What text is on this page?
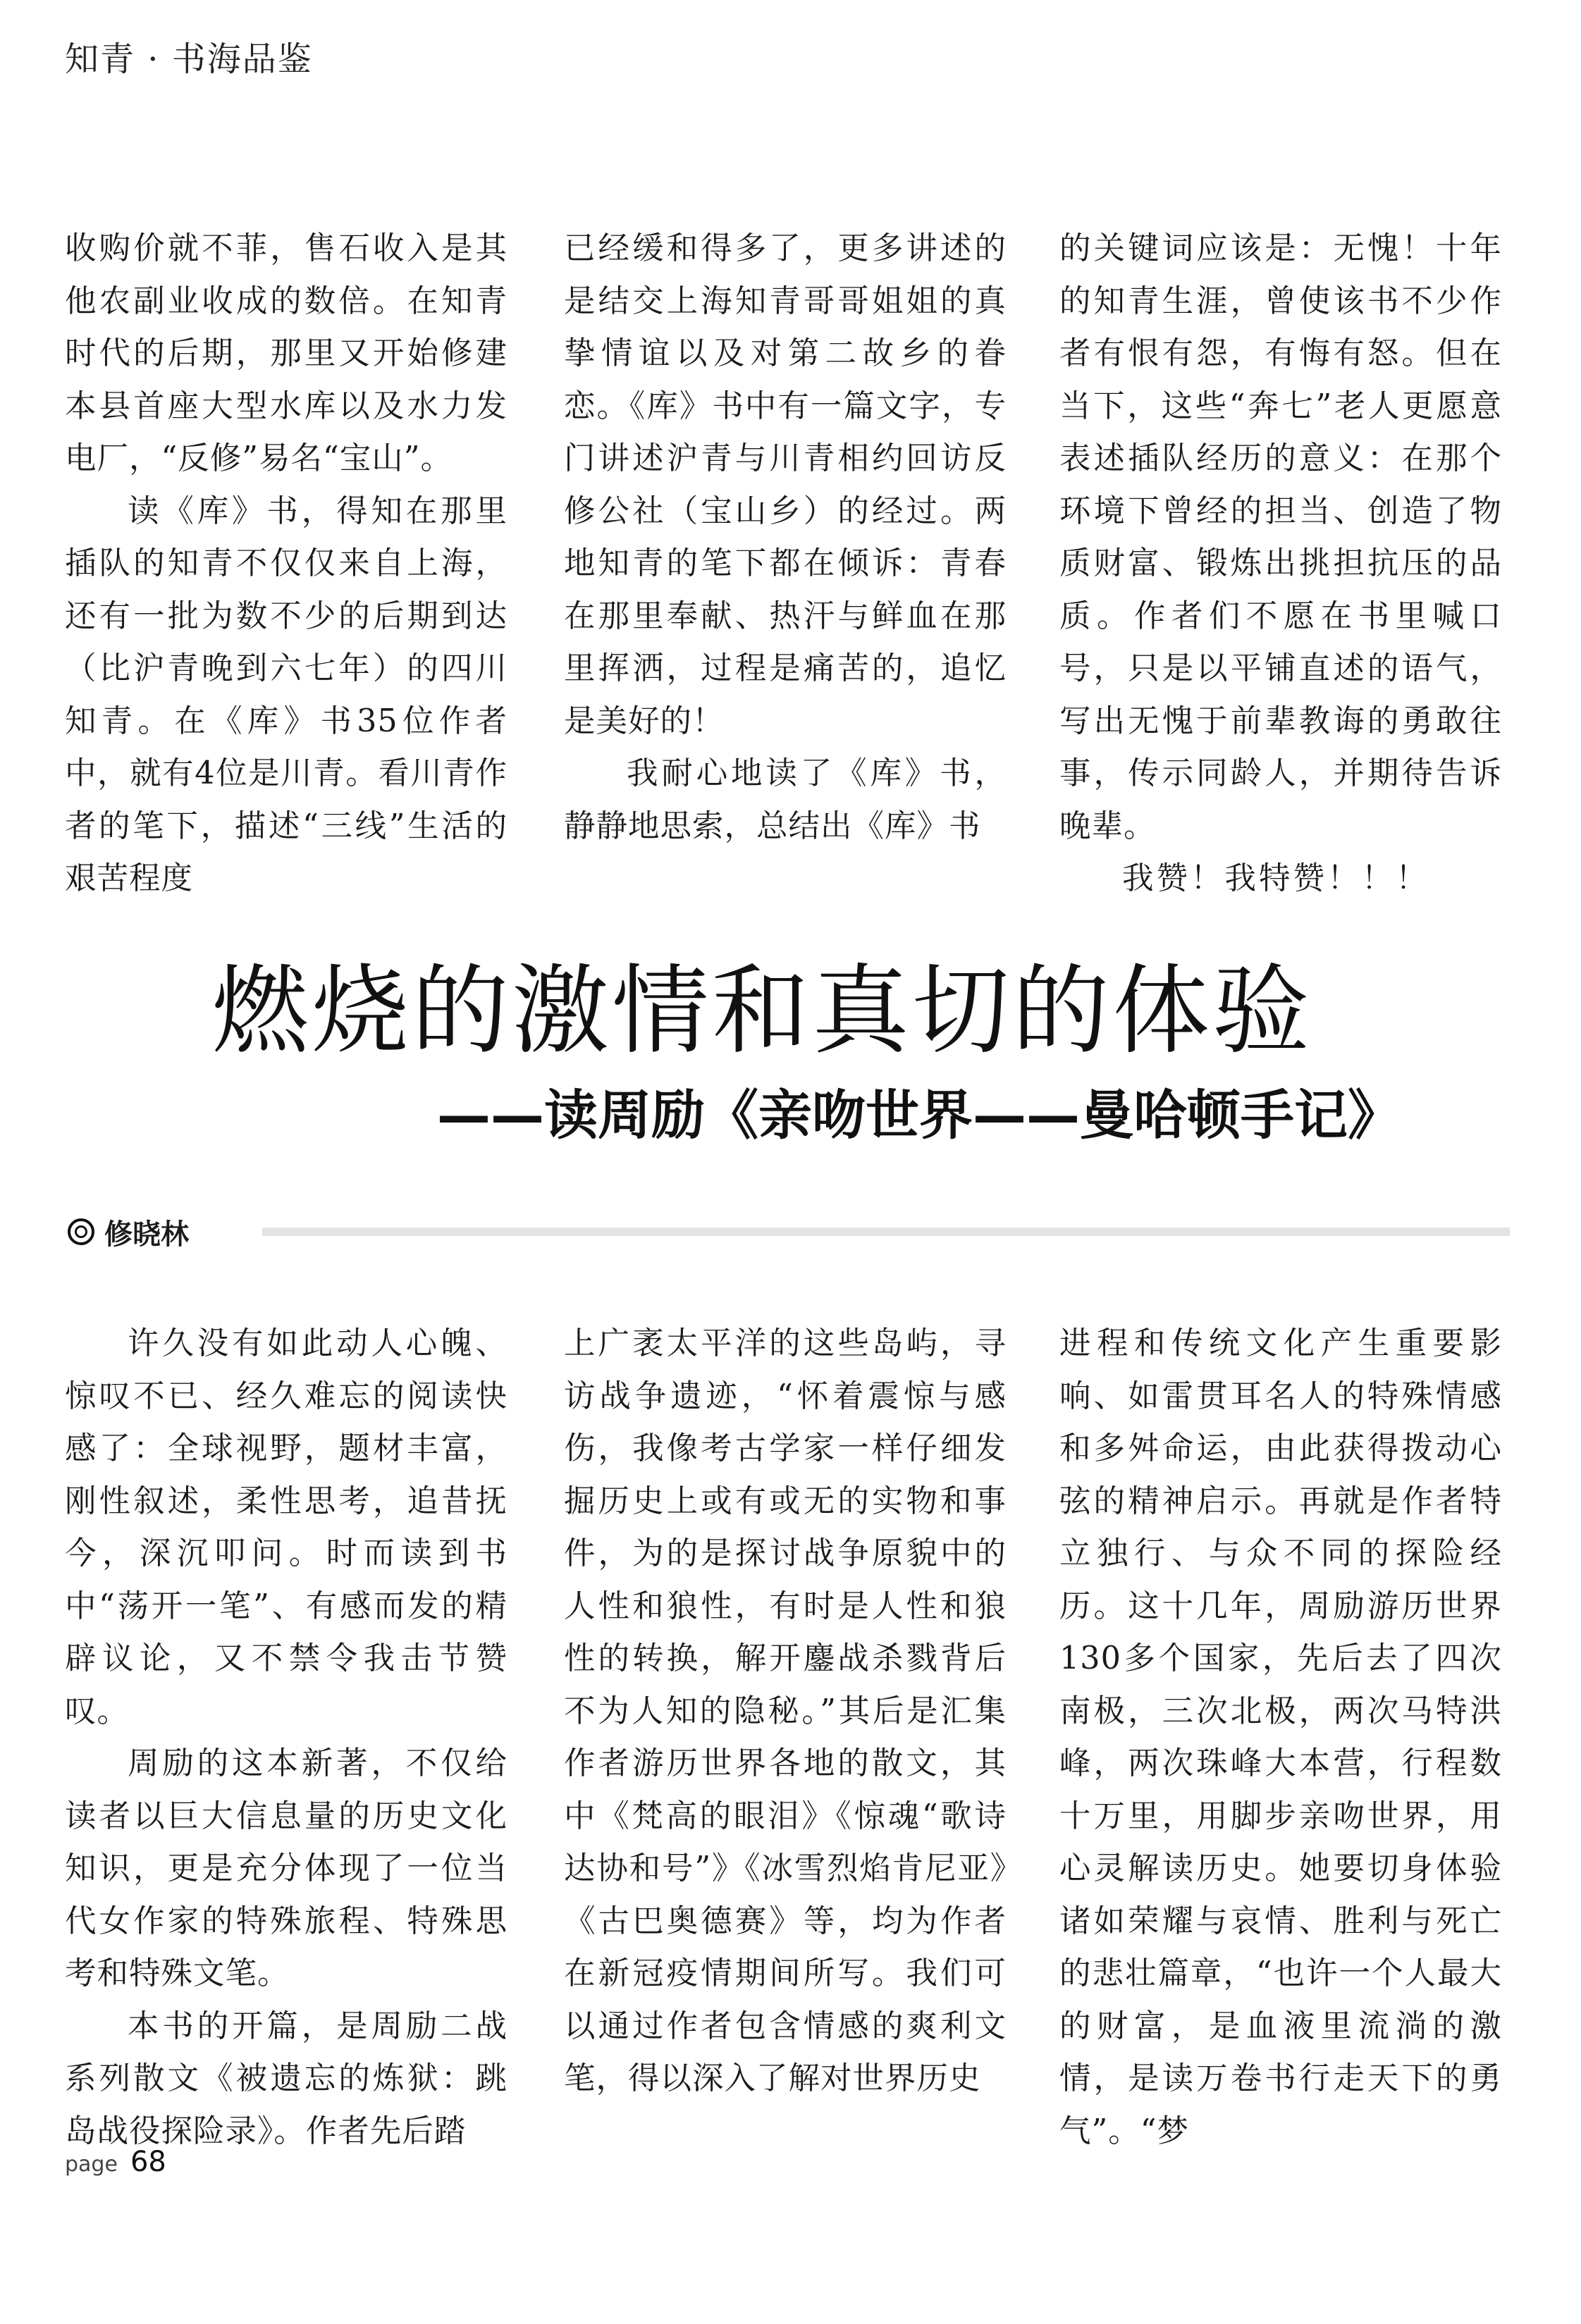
知青 · 书海品鉴

收购价就不菲，售石收入是其他农副业收成的数倍。在知青时代的后期，那里又开始修建本县首座大型水库以及水力发电厂，“反修”易名“宝山”。

读《库》书，得知在那里插队的知青不仅仅来自上海，还有一批为数不少的后期到达（比沪青晚到六七年）的四川知青。在《库》书35位作者中，就有4位是川青。看川青作者的笔下，描述“三线”生活的艰苦程度

已经缓和得多了，更多讲述的是结交上海知青哥哥姐姐的真挚情谊以及对第二故乡的眷恋。《库》书中有一篇文字，专门讲述沪青与川青相约回访反修公社（宝山乡）的经过。两地知青的笔下都在倾诉：青春在那里奉献、热汗与鲜血在那里挥洒，过程是痛苦的，追忆是美好的！

我耐心地读了《库》书，静静地思索，总结出《库》书

的关键词应该是：无愧！十年的知青生涯，曾使该书不少作者有恨有怨，有悔有怒。但在当下，这些“奔七”老人更愿意表述插队经历的意义：在那个环境下曾经的担当、创造了物质财富、锻炼出挑担抗压的品质。作者们不愿在书里喊口号，只是以平铺直述的语气，写出无愧于前辈教诲的勇敢往事，传示同龄人，并期待告诉晚辈。

我赞！我特赞！！！

燃烧的激情和真切的体验
——读周励《亲吻世界——曼哈顿手记》
修晓林

许久没有如此动人心魄、惊叹不已、经久难忘的阅读快感了：全球视野，题材丰富，刚性叙述，柔性思考，追昔抚今，深沉叩问。时而读到书中“荡开一笔”、有感而发的精辟议论，又不禁令我击节赞叹。

周励的这本新著，不仅给读者以巨大信息量的历史文化知识，更是充分体现了一位当代女作家的特殊旅程、特殊思考和特殊文笔。

本书的开篇，是周励二战系列散文《被遗忘的炼狱：跳岛战役探险录》。作者先后踏

上广袤太平洋的这些岛屿，寻访战争遗迹，“怀着震惊与感伤，我像考古学家一样仔细发掘历史上或有或无的实物和事件，为的是探讨战争原貌中的人性和狼性，有时是人性和狼性的转换，解开鏖战杀戮背后不为人知的隐秘。”其后是汇集作者游历世界各地的散文，其中《梵高的眼泪》《惊魂“歌诗达协和号”》《冰雪烈焰肯尼亚》《古巴奥德赛》等，均为作者在新冠疫情期间所写。我们可以通过作者包含情感的爽利文笔，得以深入了解对世界历史

进程和传统文化产生重要影响、如雷贯耳名人的特殊情感和多舛命运，由此获得拨动心弦的精神启示。再就是作者特立独行、与众不同的探险经历。这十几年，周励游历世界130多个国家，先后去了四次南极，三次北极，两次马特洪峰，两次珠峰大本营，行程数十万里，用脚步亲吻世界，用心灵解读历史。她要切身体验诸如荣耀与哀情、胜利与死亡的悲壮篇章，“也许一个人最大的财富，是血液里流淌的激情，是读万卷书行走天下的勇气”。“梦

page 68
